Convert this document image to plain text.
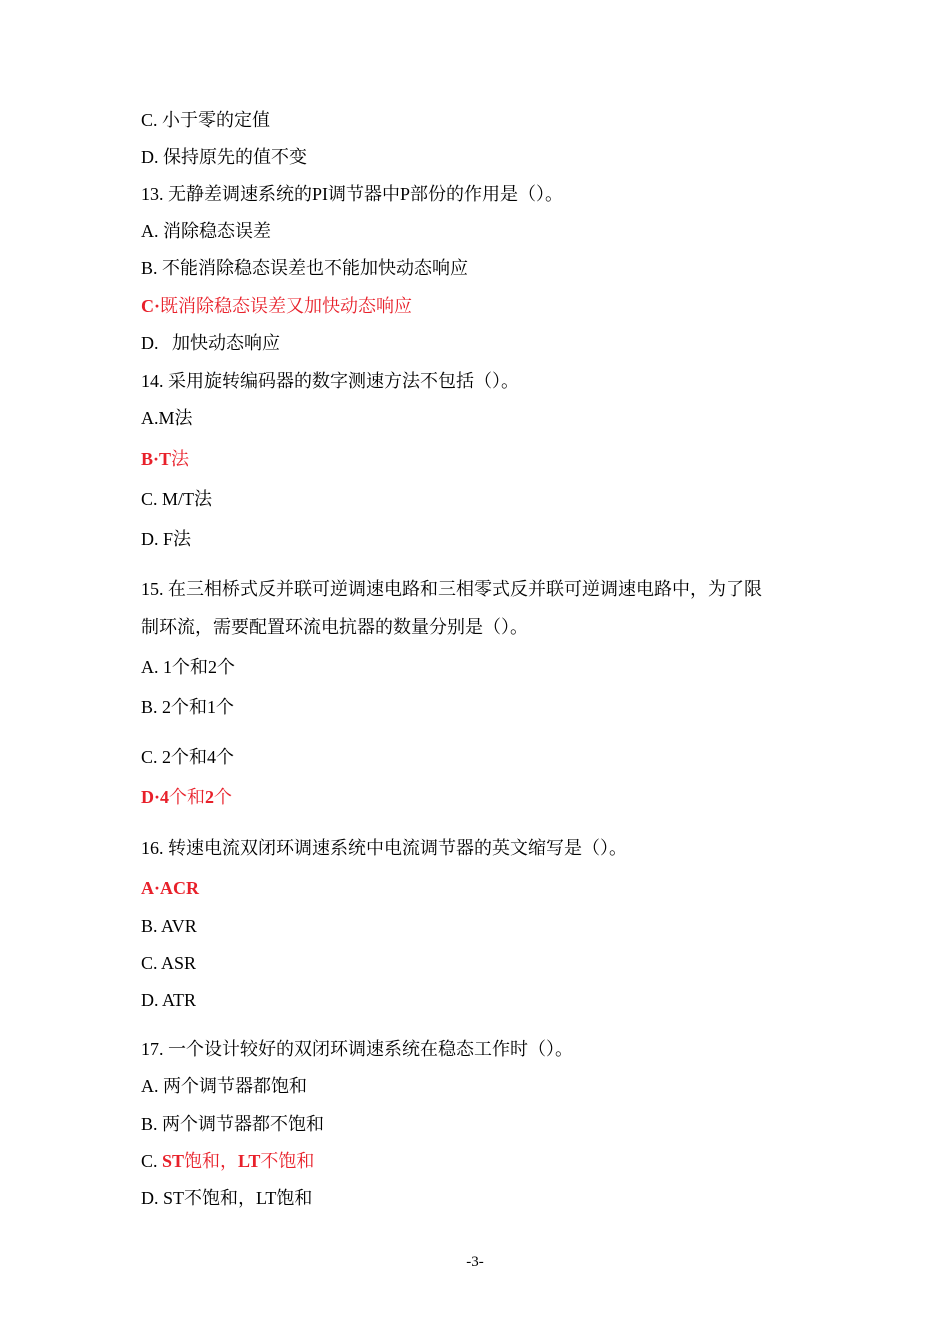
C. 小于零的定值
D. 保持原先的值不变
13. 无静差调速系统的PI调节器中P部份的作用是（）。
A. 消除稳态误差
B. 不能消除稳态误差也不能加快动态响应
C·既消除稳态误差又加快动态响应
D.   加快动态响应
14. 采用旋转编码器的数字测速方法不包括（）。
A.M法
B·T法
C. M/T法
D. F法
15. 在三相桥式反并联可逆调速电路和三相零式反并联可逆调速电路中，为了限
制环流，需要配置环流电抗器的数量分别是（）。
A. 1个和2个
B. 2个和1个
C. 2个和4个
D·4个和2个
16. 转速电流双闭环调速系统中电流调节器的英文缩写是（）。
A·ACR
B. AVR
C. ASR
D. ATR
17. 一个设计较好的双闭环调速系统在稳态工作时（）。
A. 两个调节器都饱和
B. 两个调节器都不饱和
C. ST饱和，LT不饱和
D. ST不饱和，LT饱和
-3-
